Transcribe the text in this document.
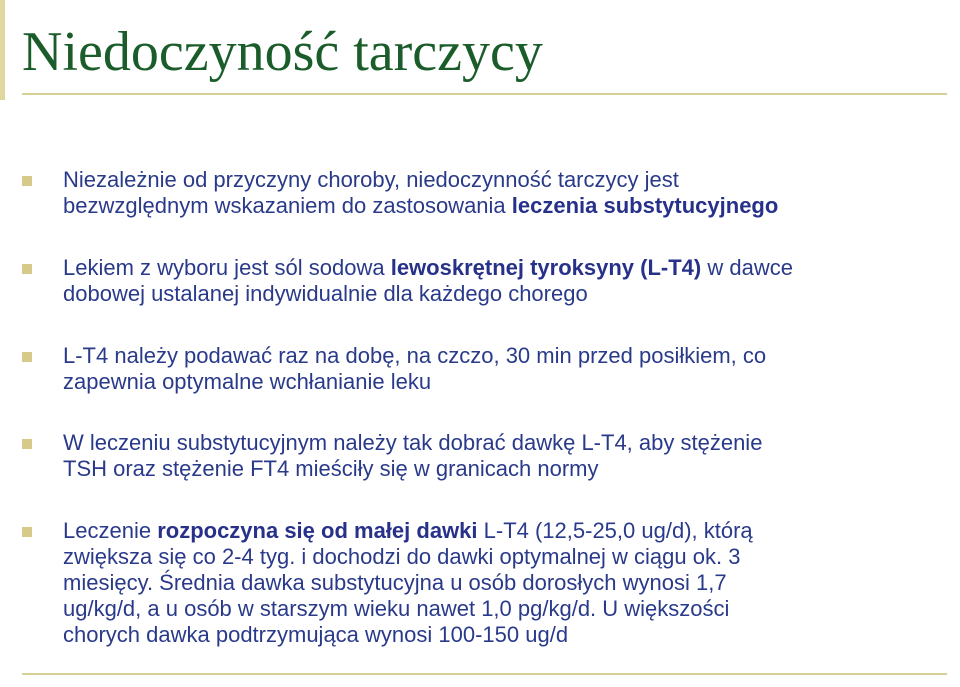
Niedoczyność tarczycy

Niezależnie od przyczyny choroby, niedoczynność tarczycy jest
bezwzględnym wskazaniem do zastosowania leczenia substytucyjnego

Lekiem z wyboru jest sól sodowa lewoskrętnej tyroksyny (L-T4) w dawce
dobowej ustalanej indywidualnie dla każdego chorego

L-T4 należy podawać raz na dobę, na czczo, 30 min przed posiłkiem, co
zapewnia optymalne wchłanianie leku

W leczeniu substytucyjnym należy tak dobrać dawkę L-T4, aby stężenie
TSH oraz stężenie FT4 mieściły się w granicach normy

Leczenie rozpoczyna się od małej dawki L-T4 (12,5-25,0 ug/d), którą
zwiększa się co 2-4 tyg. i dochodzi do dawki optymalnej w ciągu ok. 3
miesięcy. Średnia dawka substytucyjna u osób dorosłych wynosi 1,7
ug/kg/d, a u osób w starszym wieku nawet 1,0 pg/kg/d. U większości
chorych dawka podtrzymująca wynosi 100-150 ug/d
